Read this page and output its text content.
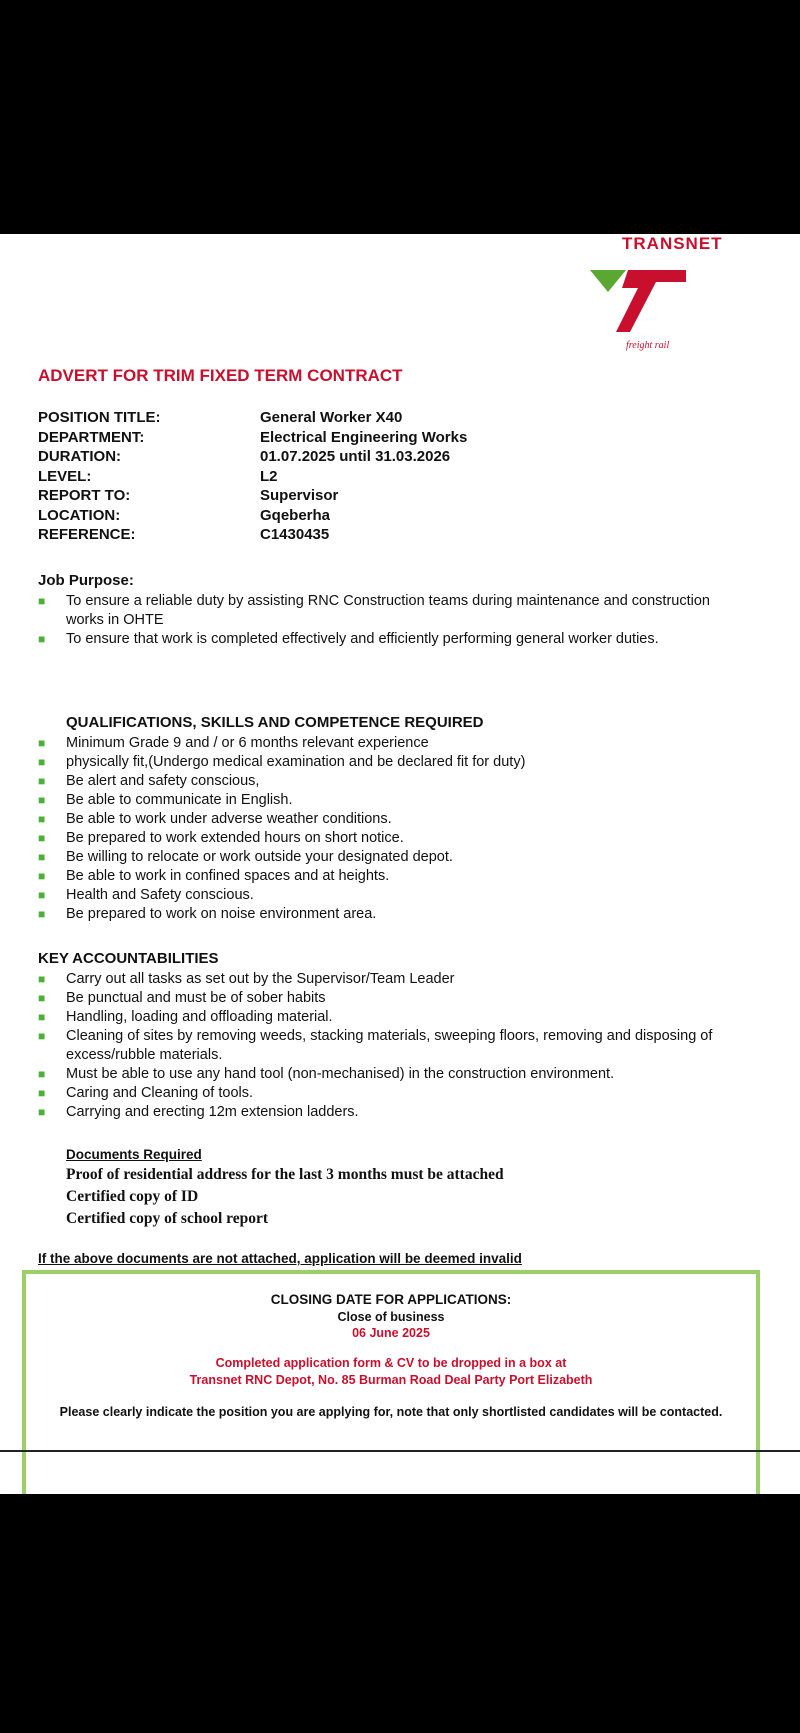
TRANSNET
freight rail
ADVERT FOR TRIM FIXED TERM CONTRACT
POSITION TITLE:	General Worker X40
DEPARTMENT:	Electrical Engineering Works
DURATION:	01.07.2025 until 31.03.2026
LEVEL:	L2
REPORT TO:	Supervisor
LOCATION:	Gqeberha
REFERENCE:	C1430435
Job Purpose:
■ To ensure a reliable duty by assisting RNC Construction teams during maintenance and construction works in OHTE
■ To ensure that work is completed effectively and efficiently performing general worker duties.
QUALIFICATIONS, SKILLS AND COMPETENCE REQUIRED
■ Minimum Grade 9 and / or 6 months relevant experience
■ physically fit,(Undergo medical examination and be declared fit for duty)
■ Be alert and safety conscious,
■ Be able to communicate in English.
■ Be able to work under adverse weather conditions.
■ Be prepared to work extended hours on short notice.
■ Be willing to relocate or work outside your designated depot.
■ Be able to work in confined spaces and at heights.
■ Health and Safety conscious.
■ Be prepared to work on noise environment area.
KEY ACCOUNTABILITIES
■ Carry out all tasks as set out by the Supervisor/Team Leader
■ Be punctual and must be of sober habits
■ Handling, loading and offloading material.
■ Cleaning of sites by removing weeds, stacking materials, sweeping floors, removing and disposing of excess/rubble materials.
■ Must be able to use any hand tool (non-mechanised) in the construction environment.
■ Caring and Cleaning of tools.
■ Carrying and erecting 12m extension ladders.
Documents Required
Proof of residential address for the last 3 months must be attached
Certified copy of ID
Certified copy of school report
If the above documents are not attached, application will be deemed invalid
CLOSING DATE FOR APPLICATIONS:
Close of business
06 June 2025
Completed application form & CV to be dropped in a box at
Transnet RNC Depot, No. 85 Burman Road Deal Party Port Elizabeth
Please clearly indicate the position you are applying for, note that only shortlisted candidates will be contacted.
